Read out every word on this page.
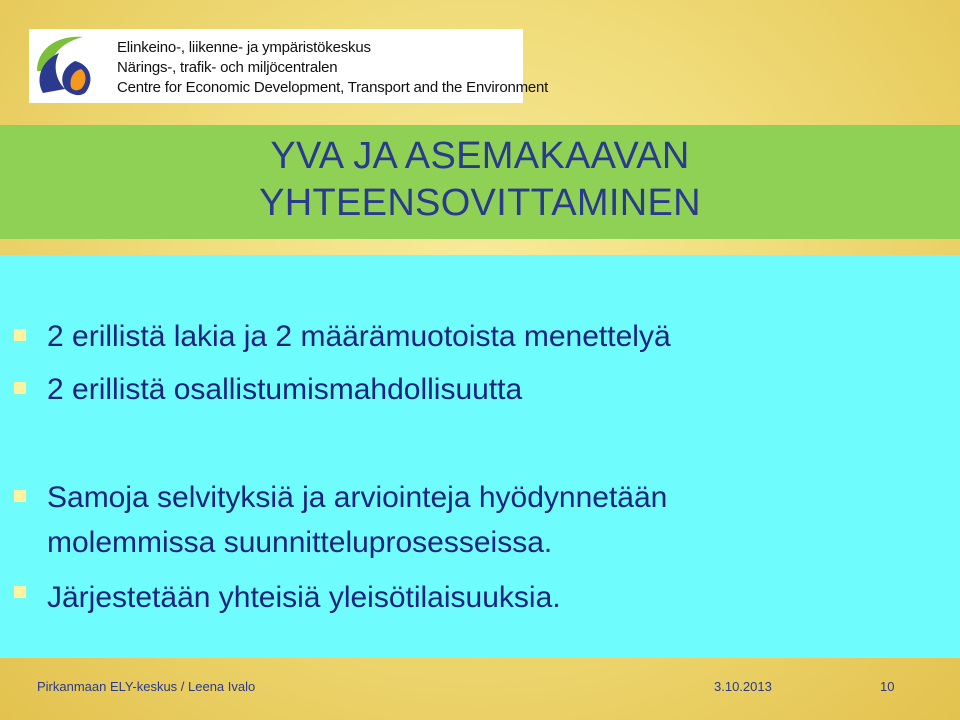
Elinkeino-, liikenne- ja ympäristökeskus
Närings-, trafik- och miljöcentralen
Centre for Economic Development, Transport and the Environment
YVA JA ASEMAKAAVAN
YHTEENSOVITTAMINEN
2 erillistä lakia ja 2 määrämuotoista menettelyä
2 erillistä osallistumismahdollisuutta
Samoja selvityksiä ja arviointeja hyödynnetään
molemmissa suunnitteluprosesseissa.
Järjestetään yhteisiä yleisötilaisuuksia.
Pirkanmaan ELY-keskus / Leena Ivalo	3.10.2013	10
